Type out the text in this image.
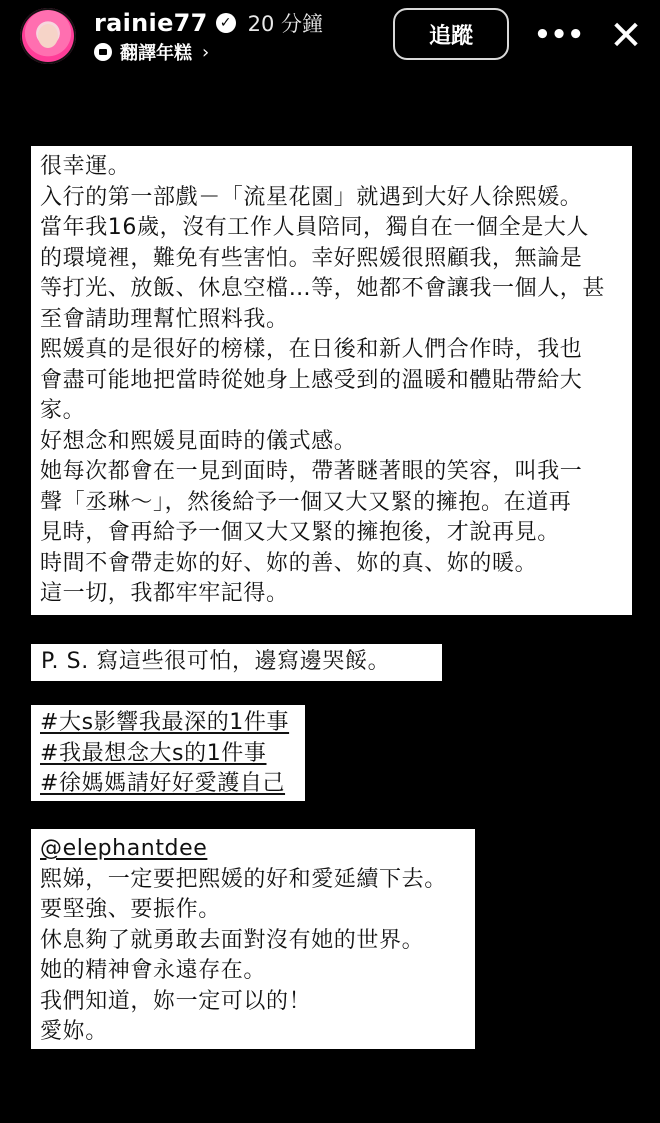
rainie77 ✓ 20 分鐘
翻譯年糕 ›
追蹤	••• ✕
很幸運。
入行的第一部戲－「流星花園」就遇到大好人徐熙媛。
當年我16歲，沒有工作人員陪同，獨自在一個全是大人
的環境裡，難免有些害怕。幸好熙媛很照顧我，無論是
等打光、放飯、休息空檔…等，她都不會讓我一個人，甚
至會請助理幫忙照料我。
熙媛真的是很好的榜樣，在日後和新人們合作時，我也
會盡可能地把當時從她身上感受到的溫暖和體貼帶給大
家。
好想念和熙媛見面時的儀式感。
她每次都會在一見到面時，帶著瞇著眼的笑容，叫我一
聲「丞琳～」，然後給予一個又大又緊的擁抱。在道再
見時，會再給予一個又大又緊的擁抱後，才說再見。
時間不會帶走妳的好、妳的善、妳的真、妳的暖。
這一切，我都牢牢記得。
P. S. 寫這些很可怕，邊寫邊哭餒。
#大s影響我最深的1件事
#我最想念大s的1件事
#徐媽媽請好好愛護自己
@elephantdee
熙娣，一定要把熙媛的好和愛延續下去。
要堅強、要振作。
休息夠了就勇敢去面對沒有她的世界。
她的精神會永遠存在。
我們知道，妳一定可以的！
愛妳。
